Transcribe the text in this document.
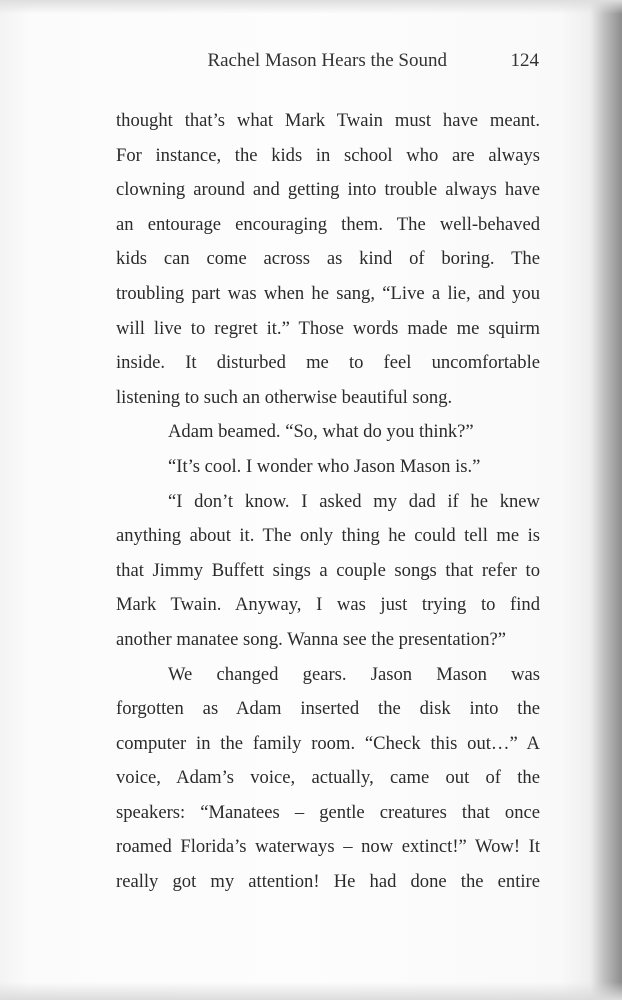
Rachel Mason Hears the Sound	124
thought that’s what Mark Twain must have meant.
For instance, the kids in school who are always
clowning around and getting into trouble always have
an entourage encouraging them. The well-behaved
kids can come across as kind of boring. The
troubling part was when he sang, “Live a lie, and you
will live to regret it.” Those words made me squirm
inside. It disturbed me to feel uncomfortable
listening to such an otherwise beautiful song.
Adam beamed. “So, what do you think?”
“It’s cool. I wonder who Jason Mason is.”
“I don’t know. I asked my dad if he knew
anything about it. The only thing he could tell me is
that Jimmy Buffett sings a couple songs that refer to
Mark Twain. Anyway, I was just trying to find
another manatee song. Wanna see the presentation?”
We changed gears. Jason Mason was
forgotten as Adam inserted the disk into the
computer in the family room. “Check this out…” A
voice, Adam’s voice, actually, came out of the
speakers: “Manatees – gentle creatures that once
roamed Florida’s waterways – now extinct!” Wow! It
really got my attention! He had done the entire
